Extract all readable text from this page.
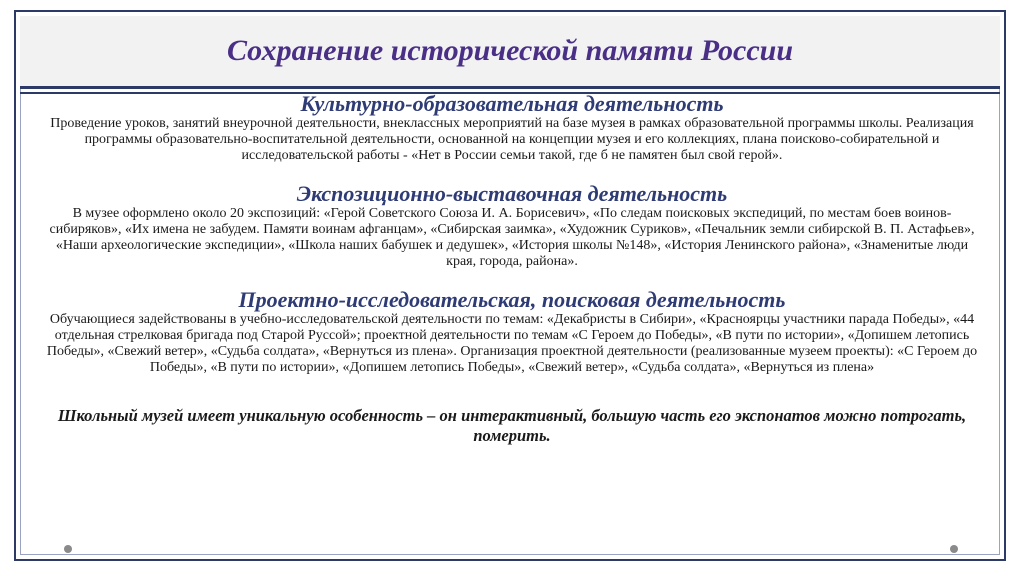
Сохранение исторической памяти России

Культурно-образовательная деятельность

Проведение уроков, занятий внеурочной деятельности, внеклассных мероприятий на базе музея в рамках образовательной программы школы. Реализация программы образовательно-воспитательной деятельности, основанной на концепции музея и его коллекциях, плана поисково-собирательной и исследовательской работы - «Нет в России семьи такой, где б не памятен был свой герой».

Экспозиционно-выставочная деятельность

В музее оформлено около 20 экспозиций: «Герой Советского Союза И. А. Борисевич», «По следам поисковых экспедиций, по местам боев воинов-сибиряков», «Их имена не забудем. Памяти воинам афганцам», «Сибирская заимка», «Художник Суриков», «Печальник земли сибирской В. П. Астафьев», «Наши археологические экспедиции», «Школа наших бабушек и дедушек», «История школы №148», «История Ленинского района», «Знаменитые люди края, города, района».

Проектно-исследовательская, поисковая деятельность

Обучающиеся задействованы в учебно-исследовательской деятельности по темам: «Декабристы в Сибири», «Красноярцы участники парада Победы», «44 отдельная стрелковая бригада под Старой Руссой»; проектной деятельности по темам «С Героем до Победы», «В пути по истории», «Допишем летопись Победы», «Свежий ветер», «Судьба солдата», «Вернуться из плена». Организация проектной деятельности (реализованные музеем проекты): «С Героем до Победы», «В пути по истории», «Допишем летопись Победы», «Свежий ветер», «Судьба солдата», «Вернуться из плена»

Школьный музей имеет уникальную особенность – он интерактивный, большую часть его экспонатов можно потрогать, померить.
